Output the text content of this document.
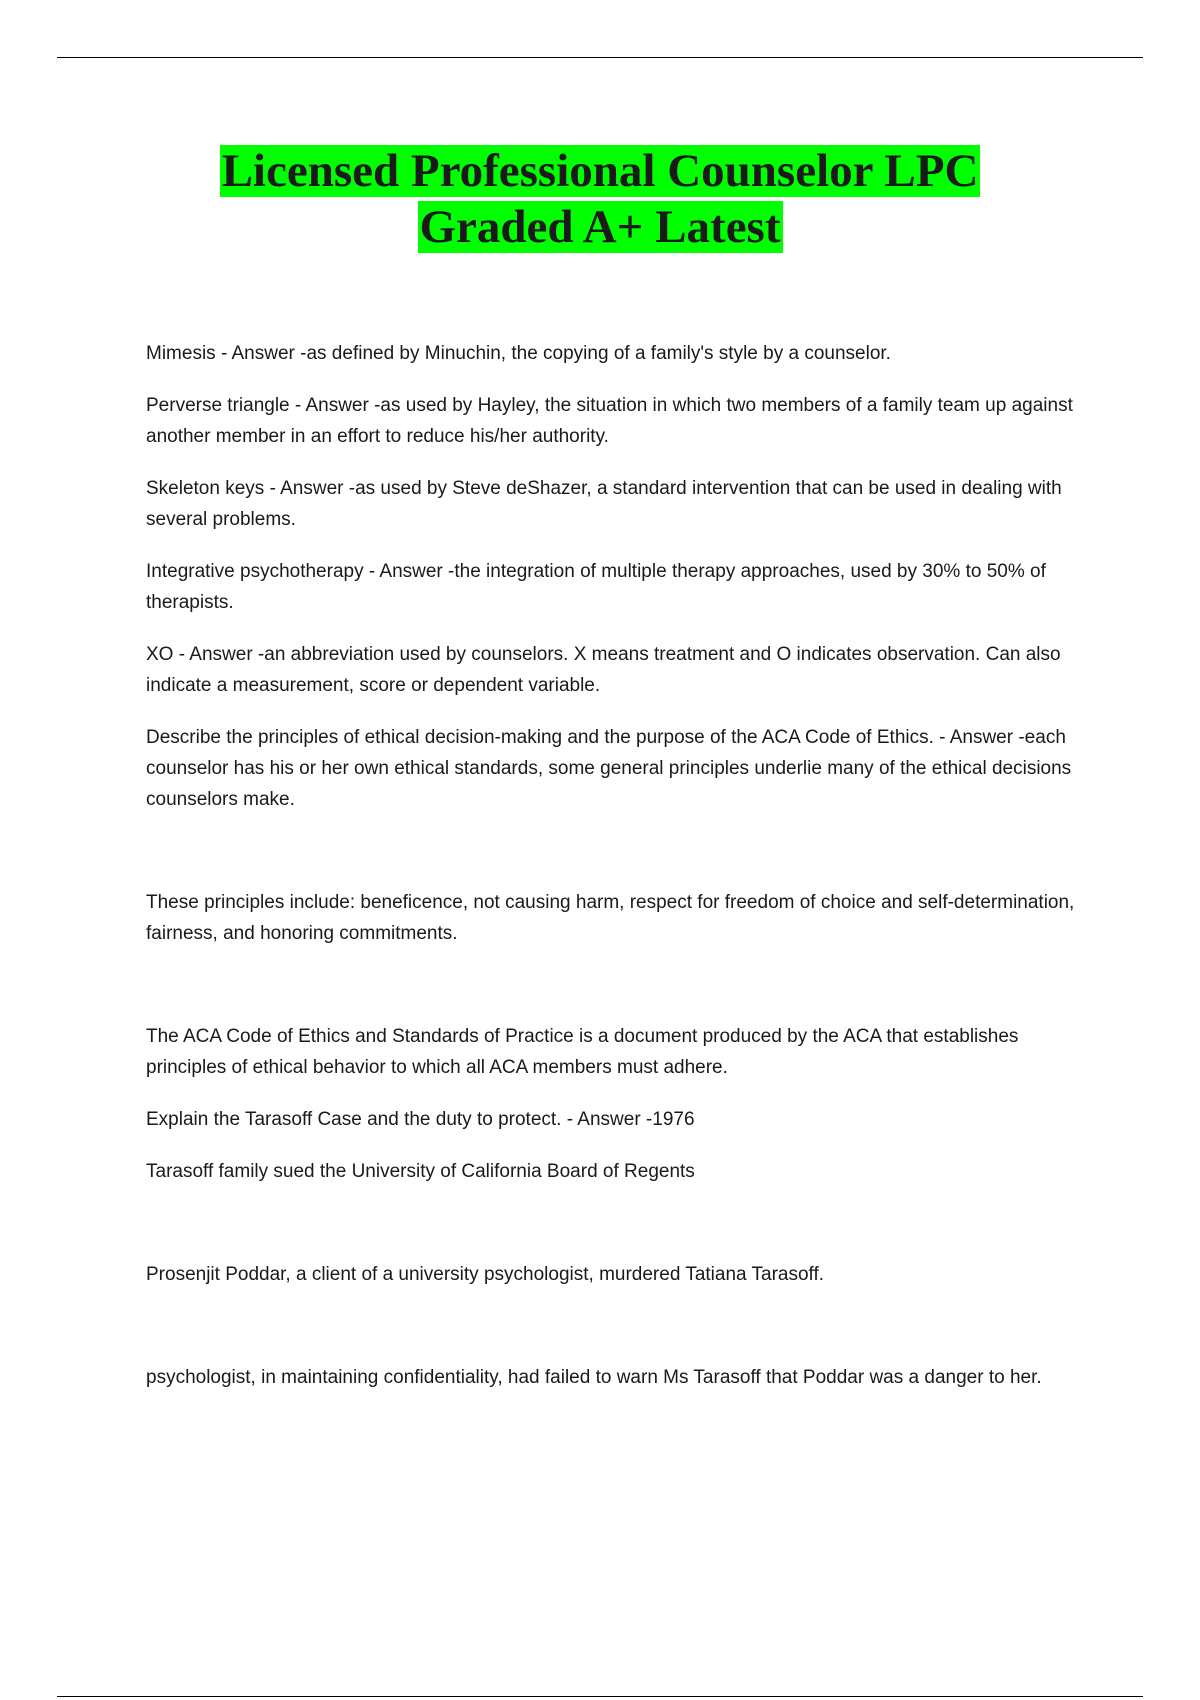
Licensed Professional Counselor LPC
Graded A+ Latest

Mimesis - Answer -as defined by Minuchin, the copying of a family's style by a counselor.

Perverse triangle - Answer -as used by Hayley, the situation in which two members of a family team up against another member in an effort to reduce his/her authority.

Skeleton keys - Answer -as used by Steve deShazer, a standard intervention that can be used in dealing with several problems.

Integrative psychotherapy - Answer -the integration of multiple therapy approaches, used by 30% to 50% of therapists.

XO - Answer -an abbreviation used by counselors. X means treatment and O indicates observation. Can also indicate a measurement, score or dependent variable.

Describe the principles of ethical decision-making and the purpose of the ACA Code of Ethics. - Answer -each counselor has his or her own ethical standards, some general principles underlie many of the ethical decisions counselors make.

These principles include: beneficence, not causing harm, respect for freedom of choice and self-determination, fairness, and honoring commitments.

The ACA Code of Ethics and Standards of Practice is a document produced by the ACA that establishes principles of ethical behavior to which all ACA members must adhere.

Explain the Tarasoff Case and the duty to protect. - Answer -1976

Tarasoff family sued the University of California Board of Regents

Prosenjit Poddar, a client of a university psychologist, murdered Tatiana Tarasoff.

psychologist, in maintaining confidentiality, had failed to warn Ms Tarasoff that Poddar was a danger to her.
